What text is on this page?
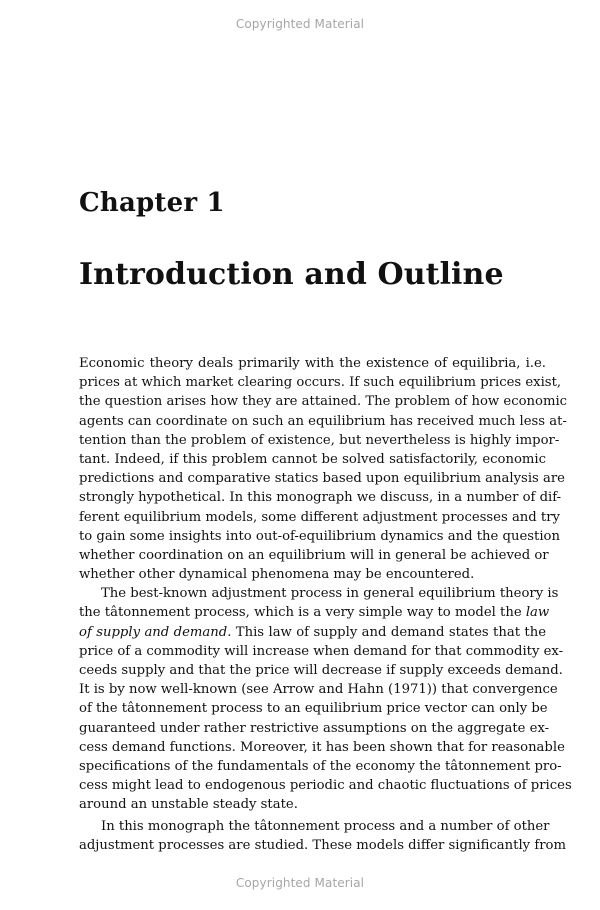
Copyrighted Material
Chapter 1
Introduction and Outline
Economic theory deals primarily with the existence of equilibria, i.e.
prices at which market clearing occurs. If such equilibrium prices exist,
the question arises how they are attained. The problem of how economic
agents can coordinate on such an equilibrium has received much less at-
tention than the problem of existence, but nevertheless is highly impor-
tant. Indeed, if this problem cannot be solved satisfactorily, economic
predictions and comparative statics based upon equilibrium analysis are
strongly hypothetical. In this monograph we discuss, in a number of dif-
ferent equilibrium models, some different adjustment processes and try
to gain some insights into out-of-equilibrium dynamics and the question
whether coordination on an equilibrium will in general be achieved or
whether other dynamical phenomena may be encountered.
The best-known adjustment process in general equilibrium theory is
the tâtonnement process, which is a very simple way to model the law
of supply and demand. This law of supply and demand states that the
price of a commodity will increase when demand for that commodity ex-
ceeds supply and that the price will decrease if supply exceeds demand.
It is by now well-known (see Arrow and Hahn (1971)) that convergence
of the tâtonnement process to an equilibrium price vector can only be
guaranteed under rather restrictive assumptions on the aggregate ex-
cess demand functions. Moreover, it has been shown that for reasonable
specifications of the fundamentals of the economy the tâtonnement pro-
cess might lead to endogenous periodic and chaotic fluctuations of prices
around an unstable steady state.
In this monograph the tâtonnement process and a number of other
adjustment processes are studied. These models differ significantly from
Copyrighted Material
